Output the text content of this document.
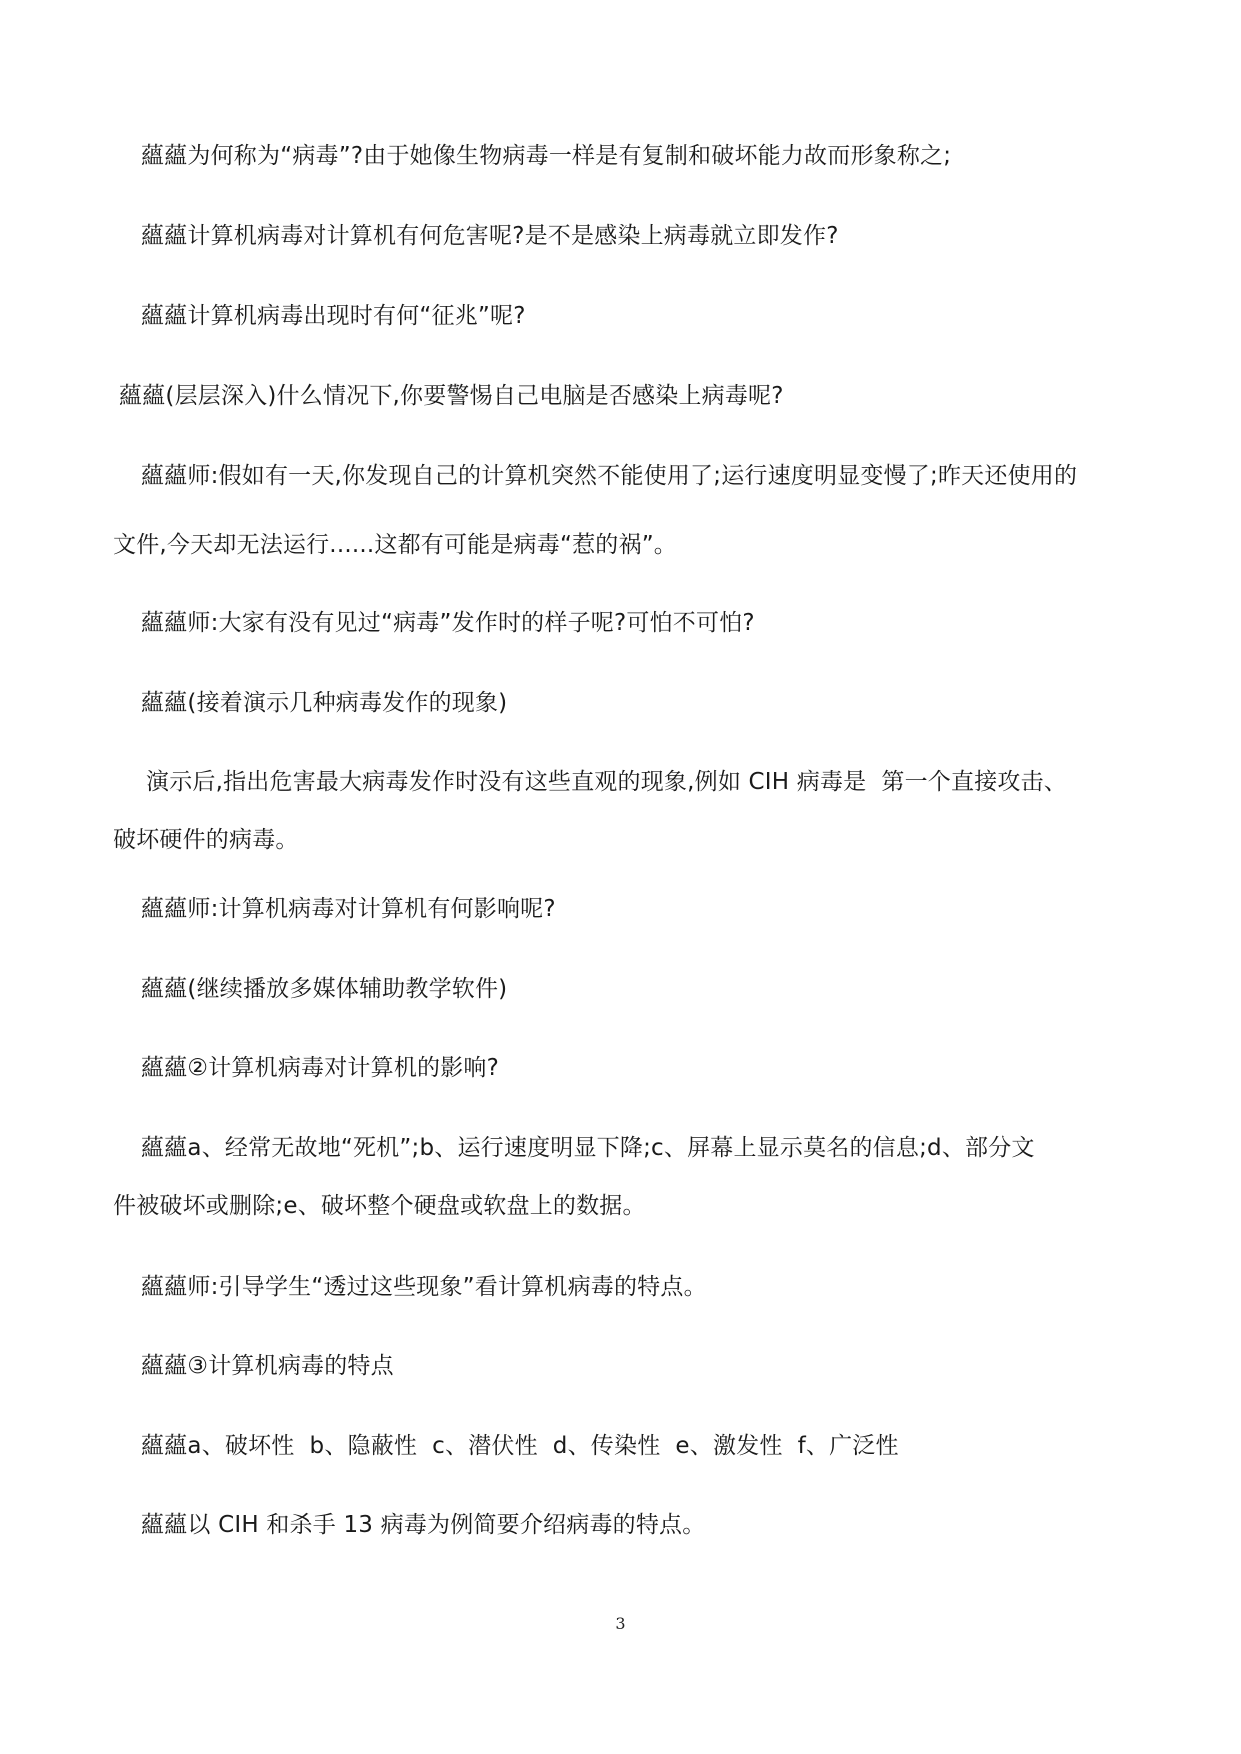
蘊蘊为何称为“病毒”?由于她像生物病毒一样是有复制和破坏能力故而形象称之;
蘊蘊计算机病毒对计算机有何危害呢?是不是感染上病毒就立即发作?
蘊蘊计算机病毒出现时有何“征兆”呢?
蘊蘊(层层深入)什么情况下,你要警惕自己电脑是否感染上病毒呢?
蘊蘊师:假如有一天,你发现自己的计算机突然不能使用了;运行速度明显变慢了;昨天还使用的
文件,今天却无法运行......这都有可能是病毒“惹的祸”。
蘊蘊师:大家有没有见过“病毒”发作时的样子呢?可怕不可怕?
蘊蘊(接着演示几种病毒发作的现象)
演示后,指出危害最大病毒发作时没有这些直观的现象,例如 CIH 病毒是  第一个直接攻击、
破坏硬件的病毒。
蘊蘊师:计算机病毒对计算机有何影响呢?
蘊蘊(继续播放多媒体辅助教学软件)
蘊蘊②计算机病毒对计算机的影响?
蘊蘊a、经常无故地“死机”;b、运行速度明显下降;c、屏幕上显示莫名的信息;d、部分文
件被破坏或删除;e、破坏整个硬盘或软盘上的数据。
蘊蘊师:引导学生“透过这些现象”看计算机病毒的特点。
蘊蘊③计算机病毒的特点
蘊蘊a、破坏性  b、隐蔽性  c、潜伏性  d、传染性  e、激发性  f、广泛性
蘊蘊以 CIH 和杀手 13 病毒为例简要介绍病毒的特点。
3
